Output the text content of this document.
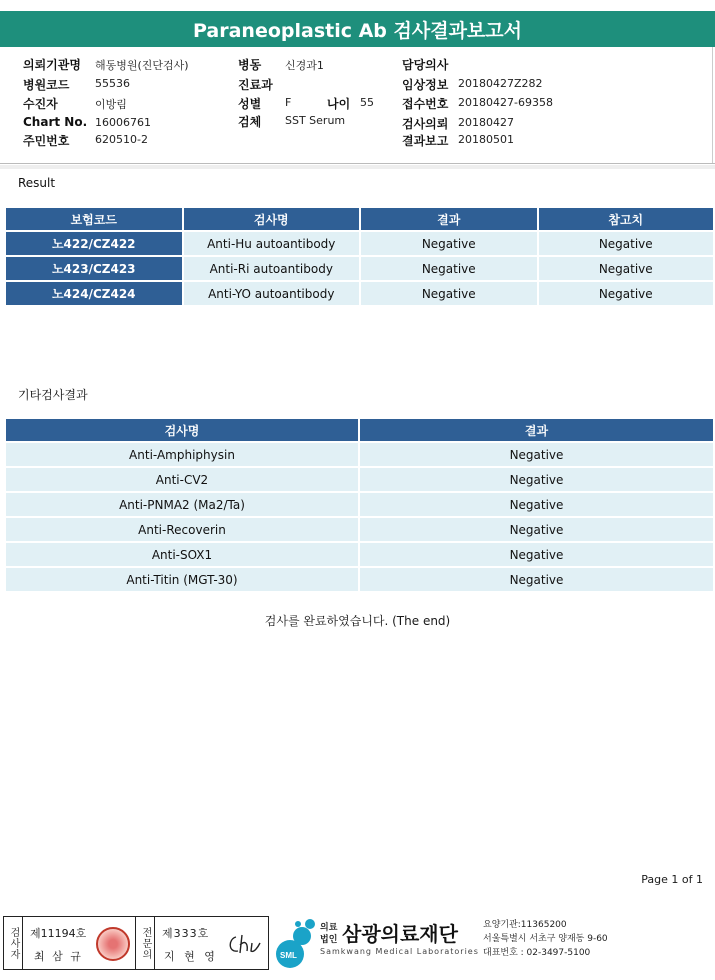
Paraneoplastic Ab 검사결과보고서
의뢰기관명 해동병원(진단검사)
병원코드 55536
수진자	이방림
Chart No. 16006761
주민번호 620510-2
병동 신경과1
진료과
성별 F	나이 55
검체 SST Serum
담당의사
임상정보 20180427Z282
접수번호 20180427-69358
검사의뢰 20180427
결과보고 20180501
Result
보험코드	검사명	결과	참고치
노422/CZ422	Anti-Hu autoantibody	Negative	Negative
노423/CZ423	Anti-Ri autoantibody	Negative	Negative
노424/CZ424	Anti-YO autoantibody	Negative	Negative
기타검사결과
검사명	결과
Anti-Amphiphysin	Negative
Anti-CV2	Negative
Anti-PNMA2 (Ma2/Ta)	Negative
Anti-Recoverin	Negative
Anti-SOX1	Negative
Anti-Titin (MGT-30)	Negative
검사를 완료하였습니다. (The end)
Page 1 of 1
검사자 제11194호
최 삼 규	전문의 제333호
지 현 영	SML
의료
법인 삼광의료재단
Samkwang Medical Laboratories
요양기관:11365200
서울특별시 서초구 양재동 9-60
대표번호 : 02-3497-5100
